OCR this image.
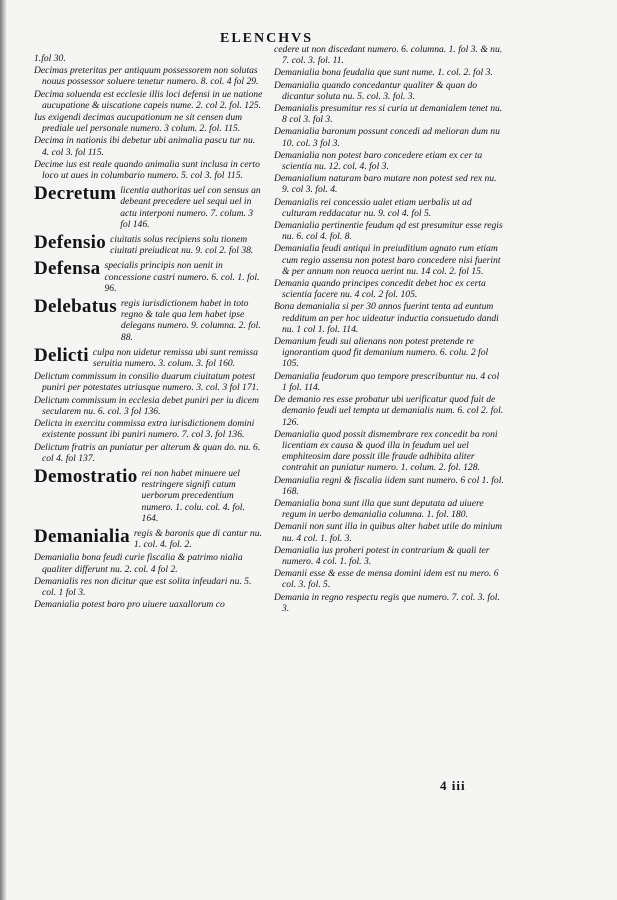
ELENCHVS
1.fol 30.
Decimas preteritas per antiquum possessorem non solutas nouus possessor soluere tenetur numero. 8. col. 4 fol 29.
Decima soluenda est ecclesie illis loci defensi in ue natione aucupatione & uiscatione capeis nume. 2. col 2. fol. 125.
Ius exigendi decimas aucupationum ne sit censen dum prediale uel personale numero. 3 colum. 2. fol. 115.
Decima in nationis ibi debetur ubi animalia pascu tur nu. 4. col 3. fol 115.
Decime ius est reale quando animalia sunt inclusa in certo loco ut aues in columbario numero. 5. col 3. fol 115.
Decretum licentia authoritas uel con sensus an debeant precedere uel sequi uel in actu interponi numero. 7. colum. 3 fol 146.
Defensio ciuitatis solus recipiens solu tionem ciuitati preiudicat nu. 9. col 2. fol 38.
Defensa specialis principis non uenit in concessione castri numero. 6. col. 1. fol. 96.
Delebatus regis iurisdictionem habet in toto regno & tale qua lem habet ipse delegans numero. 9. columna. 2. fol. 88.
Delicti culpa non uidetur remissa ubi sunt remissa seruitia numero. 3. colum. 3. fol 160.
Delictum commissum in consilio duarum ciuitatum potest puniri per potestates utriusque numero. 3. col. 3 fol 171.
Delictum commissum in ecclesia debet puniri per iu dicem secularem nu. 6. col. 3 fol 136.
Delicta in exercitu commissa extra iurisdictionem domini existente possunt ibi puniri numero. 7. col 3. fol 136.
Delictum fratris an puniatur per alterum & quan do. nu. 6. col 4. fol 137.
Demostratio rei non habet minuere uel restringere signifi catum uerborum precedentium numero. 1. colu. col. 4. fol. 164.
Demanialia regis & baronis que di cantur nu. 1. col. 4. fol. 2.
Demanialia bona feudi curie fiscalia & patrimo nialia qualiter differunt nu. 2. col. 4 fol 2.
Demanialis res non dicitur que est solita infeudari nu. 5. col. 1 fol 3.
Demanialia potest baro pro uiuere uaxallorum co
cedere ut non discedant numero. 6. columna. 1. fol 3. & nu. 7. col. 3. fol. 11.
Demanialia bona feudalia que sunt nume. 1. col. 2. fol 3.
Demanialia quando concedantur qualiter & quan do dicantur soluta nu. 5. col. 3. fol. 3.
Demanialis presumitur res si curia ut demanialem tenet nu. 8 col 3. fol 3.
Demanialia baronum possunt concedi ad melioran dum nu 10. col. 3 fol 3.
Demanialia non potest baro concedere etiam ex cer ta scientia nu. 12. col. 4. fol 3.
Demanialium naturam baro mutare non potest sed rex nu. 9. col 3. fol. 4.
Demanialis rei concessio ualet etiam uerbalis ut ad culturam reddacatur nu. 9. col 4. fol 5.
Demanialia pertinentie feudum qd est presumitur esse regis nu. 6. col 4. fol. 8.
Demanialia feudi antiqui in preiuditium agnato rum etiam cum regio assensu non potest baro concedere nisi fuerint & per annum non reuoca uerint nu. 14 col. 2. fol 15.
Demania quando principes concedit debet hoc ex certa scientia facere nu. 4 col. 2 fol. 105.
Bona demanialia si per 30 annos fuerint tenta ad euntum redditum an per hoc uideatur inductia consuetudo dandi nu. 1 col 1. fol. 114.
Demanium feudi sui alienans non potest pretende re ignorantiam quod fit demanium numero. 6. colu. 2 fol 105.
Demanialia feudorum quo tempore prescribuntur nu. 4 col 1 fol. 114.
De demanio res esse probatur ubi uerificatur quod fuit de demanio feudi uel tempta ut demanialis num. 6. col 2. fol. 126.
Demanialia quod possit dismembrare rex concedit ba roni licentiam ex causa & quod illa in feudum uel uel emphiteosim dare possit ille fraude adhibita aliter contrahit an puniatur numero. 1. colum. 2. fol. 128.
Demanialia regni & fiscalia iidem sunt numero. 6 col 1. fol. 168.
Demanialia bona sunt illa que sunt deputata ad uiuere regum in uerbo demanialia columna. 1. fol. 180.
Demanii non sunt illa in quibus alter habet utile do minium nu. 4 col. 1. fol. 3.
Demanialia ius proheri potest in contrarium & quali ter numero. 4 col. 1. fol. 3.
Demanii esse & esse de mensa domini idem est nu mero. 6 col. 3. fol. 5.
Demania in regno respectu regis que numero. 7. col. 3. fol. 3.
4 iii
